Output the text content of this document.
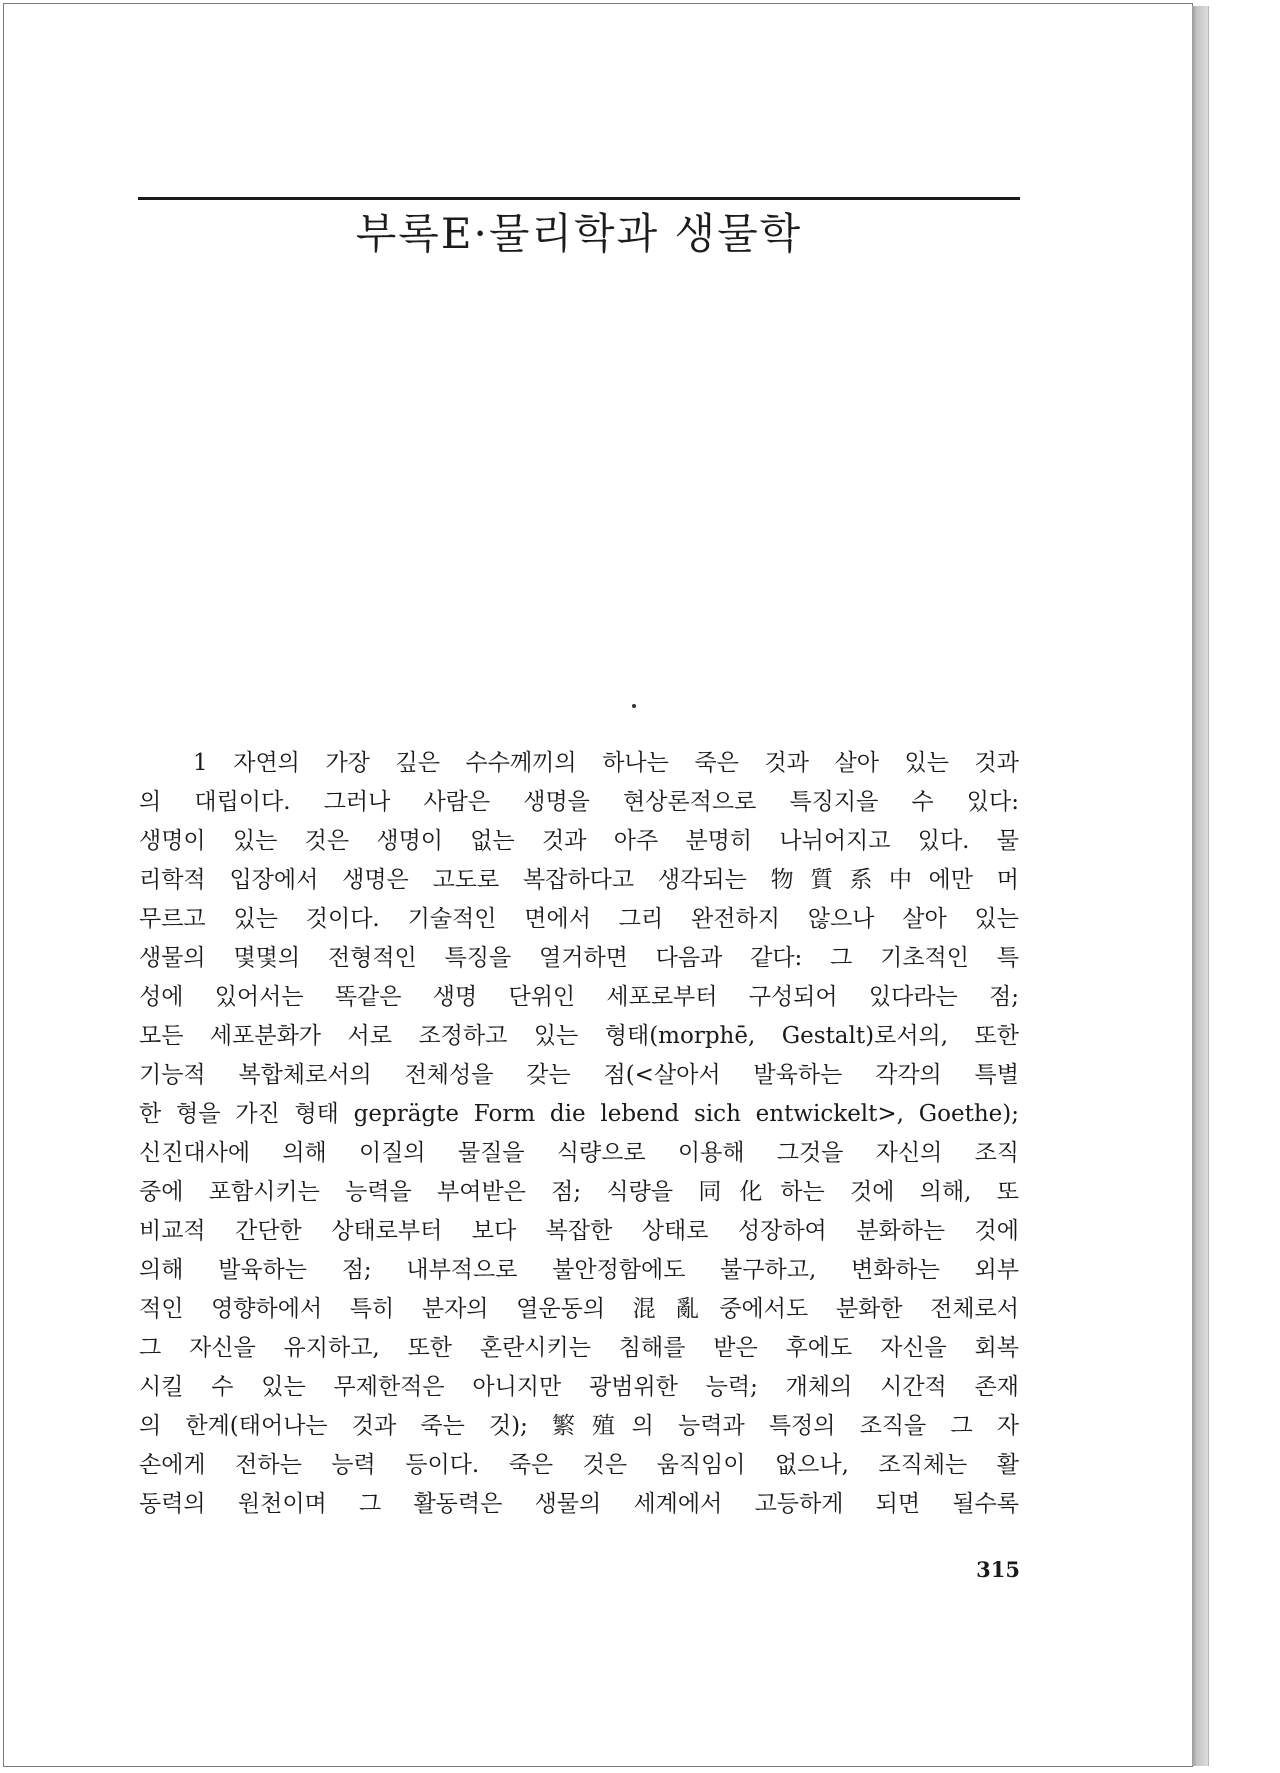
부록E·물리학과 생물학
1 자연의 가장 깊은 수수께끼의 하나는 죽은 것과 살아 있는 것과
의 대립이다. 그러나 사람은 생명을 현상론적으로 특징지을 수 있다:
생명이 있는 것은 생명이 없는 것과 아주 분명히 나뉘어지고 있다. 물
리학적 입장에서 생명은 고도로 복잡하다고 생각되는 物質系中에만 머
무르고 있는 것이다. 기술적인 면에서 그리 완전하지 않으나 살아 있는
생물의 몇몇의 전형적인 특징을 열거하면 다음과 같다: 그 기초적인 특
성에 있어서는 똑같은 생명 단위인 세포로부터 구성되어 있다라는 점;
모든 세포분화가 서로 조정하고 있는 형태(morphē, Gestalt)로서의, 또한
기능적 복합체로서의 전체성을 갖는 점(<살아서 발육하는 각각의 특별
한 형을 가진 형태 geprägte Form die lebend sich entwickelt>, Goethe);
신진대사에 의해 이질의 물질을 식량으로 이용해 그것을 자신의 조직
중에 포함시키는 능력을 부여받은 점; 식량을 同化하는 것에 의해, 또
비교적 간단한 상태로부터 보다 복잡한 상태로 성장하여 분화하는 것에
의해 발육하는 점; 내부적으로 불안정함에도 불구하고, 변화하는 외부
적인 영향하에서 특히 분자의 열운동의 混亂중에서도 분화한 전체로서
그 자신을 유지하고, 또한 혼란시키는 침해를 받은 후에도 자신을 회복
시킬 수 있는 무제한적은 아니지만 광범위한 능력; 개체의 시간적 존재
의 한계(태어나는 것과 죽는 것); 繁殖의 능력과 특정의 조직을 그 자
손에게 전하는 능력 등이다. 죽은 것은 움직임이 없으나, 조직체는 활
동력의 원천이며 그 활동력은 생물의 세계에서 고등하게 되면 될수록
315
